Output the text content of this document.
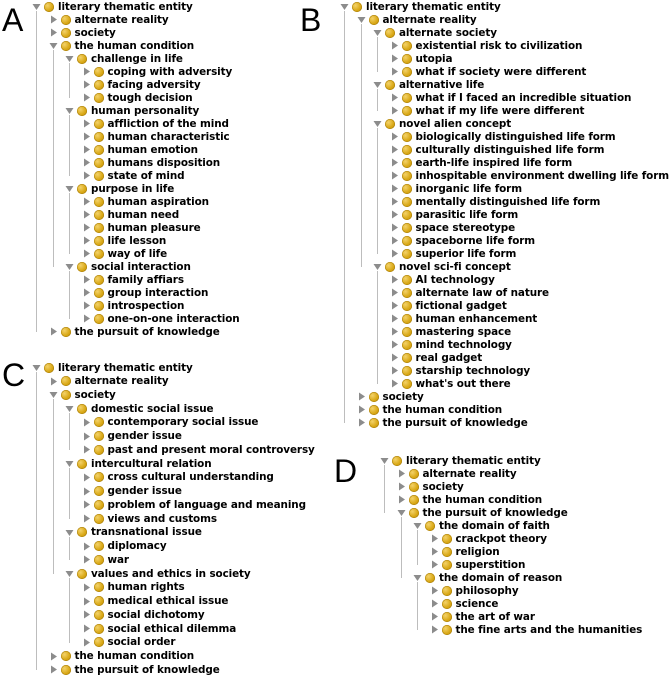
A	literary thematic entity
alternate reality
society
the human condition
challenge in life
coping with adversity
facing adversity
tough decision
human personality
affliction of the mind
human characteristic
human emotion
humans disposition
state of mind
purpose in life
human aspiration
human need
human pleasure
life lesson
way of life
social interaction
family affiars
group interaction
introspection
one-on-one interaction
the pursuit of knowledge
B	literary thematic entity
alternate reality
alternate society
existential risk to civilization
utopia
what if society were different
alternative life
what if I faced an incredible situation
what if my life were different
novel alien concept
biologically distinguished life form
culturally distinguished life form
earth-life inspired life form
inhospitable environment dwelling life form
inorganic life form
mentally distinguished life form
parasitic life form
space stereotype
spaceborne life form
superior life form
novel sci-fi concept
AI technology
alternate law of nature
fictional gadget
human enhancement
mastering space
mind technology
real gadget
starship technology
what's out there
society
the human condition
the pursuit of knowledge
C	literary thematic entity
alternate reality
society
domestic social issue
contemporary social issue
gender issue
past and present moral controversy
intercultural relation
cross cultural understanding
gender issue
problem of language and meaning
views and customs
transnational issue
diplomacy
war
values and ethics in society
human rights
medical ethical issue
social dichotomy
social ethical dilemma
social order
the human condition
the pursuit of knowledge
D	literary thematic entity
alternate reality
society
the human condition
the pursuit of knowledge
the domain of faith
crackpot theory
religion
superstition
the domain of reason
philosophy
science
the art of war
the fine arts and the humanities
